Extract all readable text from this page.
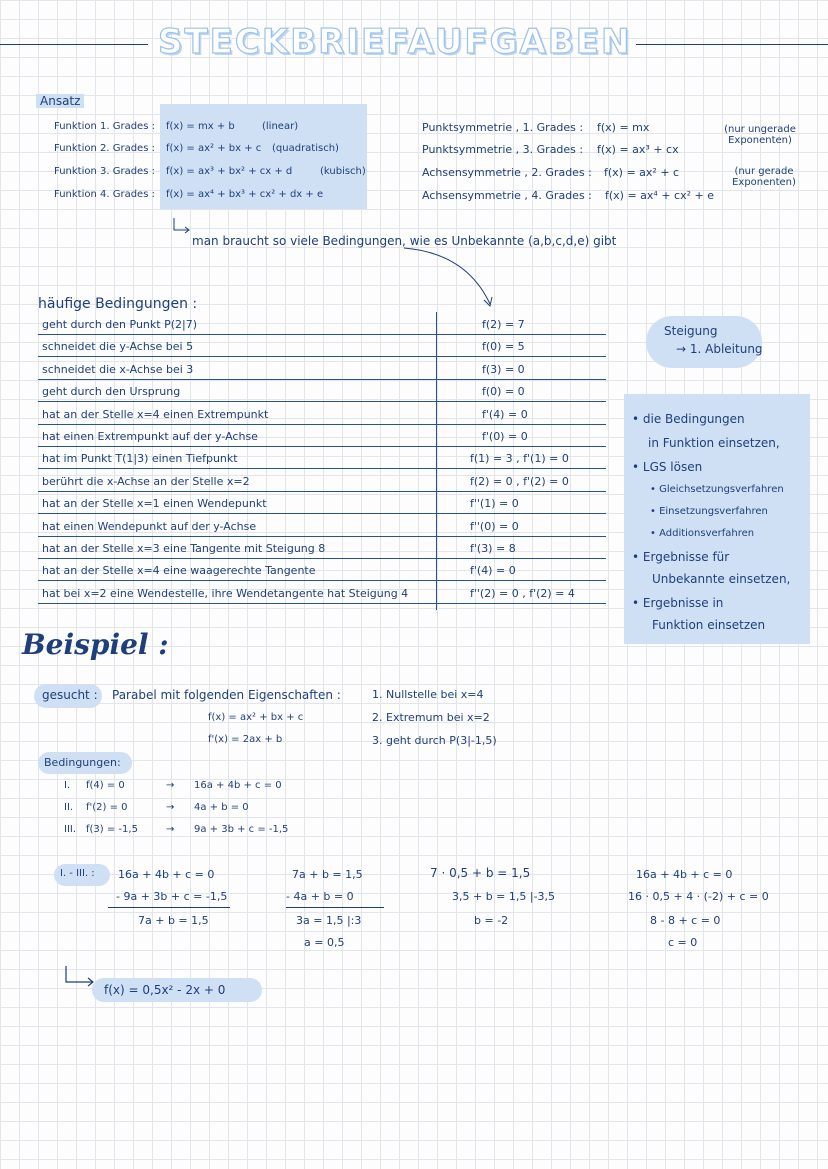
STECKBRIEFAUFGABEN
Ansatz
Funktion 1. Grades : f(x) = mx + b	(linear)
Funktion 2. Grades : f(x) = ax² + bx + c (quadratisch)
Funktion 3. Grades : f(x) = ax³ + bx² + cx + d	(kubisch)
Funktion 4. Grades : f(x) = ax⁴ + bx³ + cx² + dx + e
Punktsymmetrie , 1. Grades : f(x) = mx
Punktsymmetrie , 3. Grades : f(x) = ax³ + cx
Achsensymmetrie , 2. Grades : f(x) = ax² + c
Achsensymmetrie , 4. Grades : f(x) = ax⁴ + cx² + e
(nur ungerade Exponenten)
(nur gerade Exponenten)
man braucht so viele Bedingungen, wie es Unbekannte (a,b,c,d,e) gibt
häufige Bedingungen :
geht durch den Punkt P(2|7)	f(2) = 7
schneidet die y-Achse bei 5	f(0) = 5
schneidet die x-Achse bei 3	f(3) = 0
geht durch den Ursprung	f(0) = 0
hat an der Stelle x=4 einen Extrempunkt	f'(4) = 0
hat einen Extrempunkt auf der y-Achse	f'(0) = 0
hat im Punkt T(1|3) einen Tiefpunkt	f(1) = 3 , f'(1) = 0
berührt die x-Achse an der Stelle x=2	f(2) = 0 , f'(2) = 0
hat an der Stelle x=1 einen Wendepunkt	f''(1) = 0
hat einen Wendepunkt auf der y-Achse	f''(0) = 0
hat an der Stelle x=3 eine Tangente mit Steigung 8	f'(3) = 8
hat an der Stelle x=4 eine waagerechte Tangente	f'(4) = 0
hat bei x=2 eine Wendestelle, ihre Wendetangente hat Steigung 4	f''(2) = 0 , f'(2) = 4
Steigung
→ 1. Ableitung
• die Bedingungen
in Funktion einsetzen,
• LGS lösen
• Gleichsetzungsverfahren
• Einsetzungsverfahren
• Additionsverfahren
• Ergebnisse für
Unbekannte einsetzen,
• Ergebnisse in
Funktion einsetzen
Beispiel :
gesucht : Parabel mit folgenden Eigenschaften :
f(x) = ax² + bx + c
f'(x) = 2ax + b
1. Nullstelle bei x=4
2. Extremum bei x=2
3. geht durch P(3|-1,5)
Bedingungen:
I. f(4) = 0	→ 16a + 4b + c = 0
II. f'(2) = 0	→ 4a + b = 0
III. f(3) = -1,5	→ 9a + 3b + c = -1,5
I. - III. : 16a + 4b + c = 0
- 9a + 3b + c = -1,5
7a + b = 1,5
7a + b = 1,5
- 4a + b = 0
3a = 1,5 |:3
a = 0,5
7 · 0,5 + b = 1,5
3,5 + b = 1,5 |-3,5
b = -2
16a + 4b + c = 0
16 · 0,5 + 4 · (-2) + c = 0
8 - 8 + c = 0
c = 0
f(x) = 0,5x² - 2x + 0
